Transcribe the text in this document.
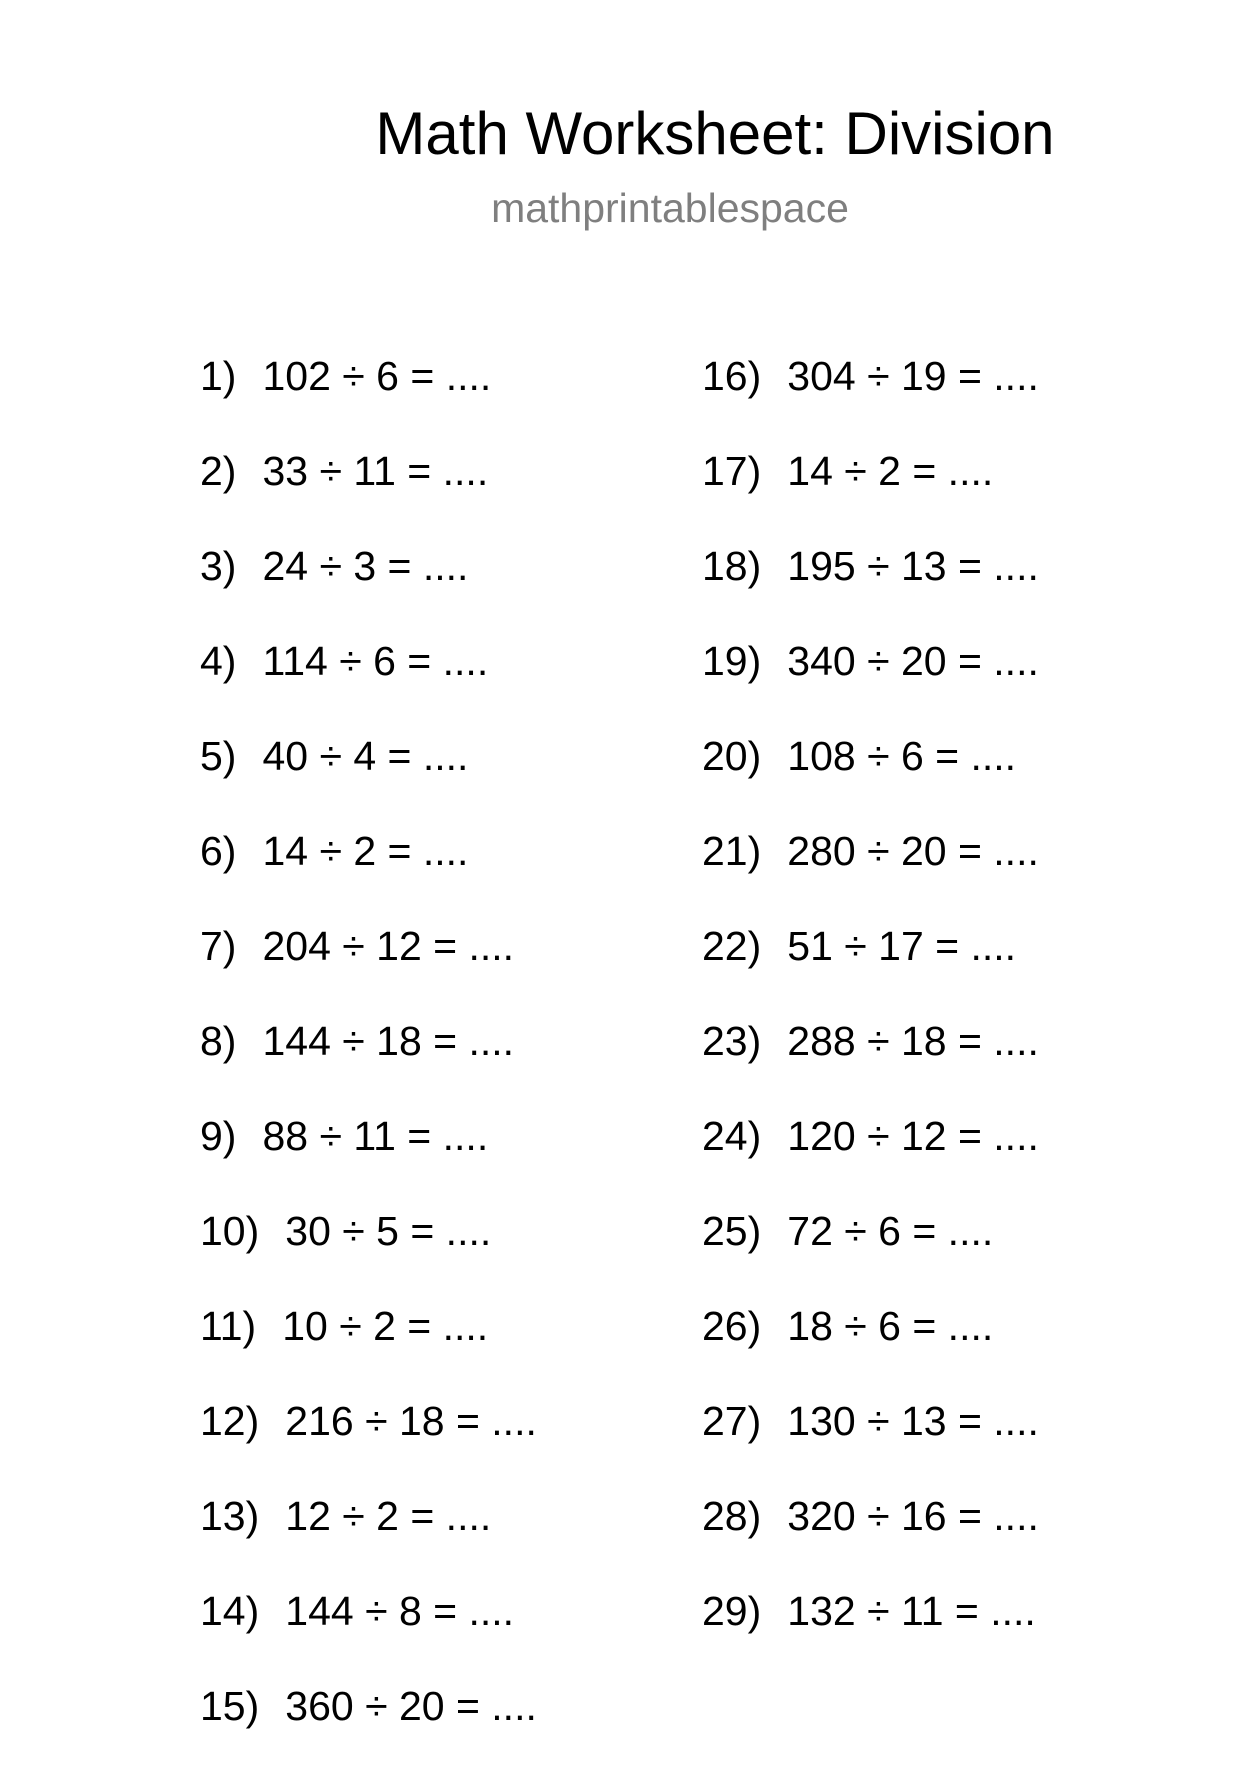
Math Worksheet: Division
mathprintablespace
1) 102 ÷ 6 = ....
2) 33 ÷ 11 = ....
3) 24 ÷ 3 = ....
4) 114 ÷ 6 = ....
5) 40 ÷ 4 = ....
6) 14 ÷ 2 = ....
7) 204 ÷ 12 = ....
8) 144 ÷ 18 = ....
9) 88 ÷ 11 = ....
10) 30 ÷ 5 = ....
11) 10 ÷ 2 = ....
12) 216 ÷ 18 = ....
13) 12 ÷ 2 = ....
14) 144 ÷ 8 = ....
15) 360 ÷ 20 = ....
16) 304 ÷ 19 = ....
17) 14 ÷ 2 = ....
18) 195 ÷ 13 = ....
19) 340 ÷ 20 = ....
20) 108 ÷ 6 = ....
21) 280 ÷ 20 = ....
22) 51 ÷ 17 = ....
23) 288 ÷ 18 = ....
24) 120 ÷ 12 = ....
25) 72 ÷ 6 = ....
26) 18 ÷ 6 = ....
27) 130 ÷ 13 = ....
28) 320 ÷ 16 = ....
29) 132 ÷ 11 = ....
